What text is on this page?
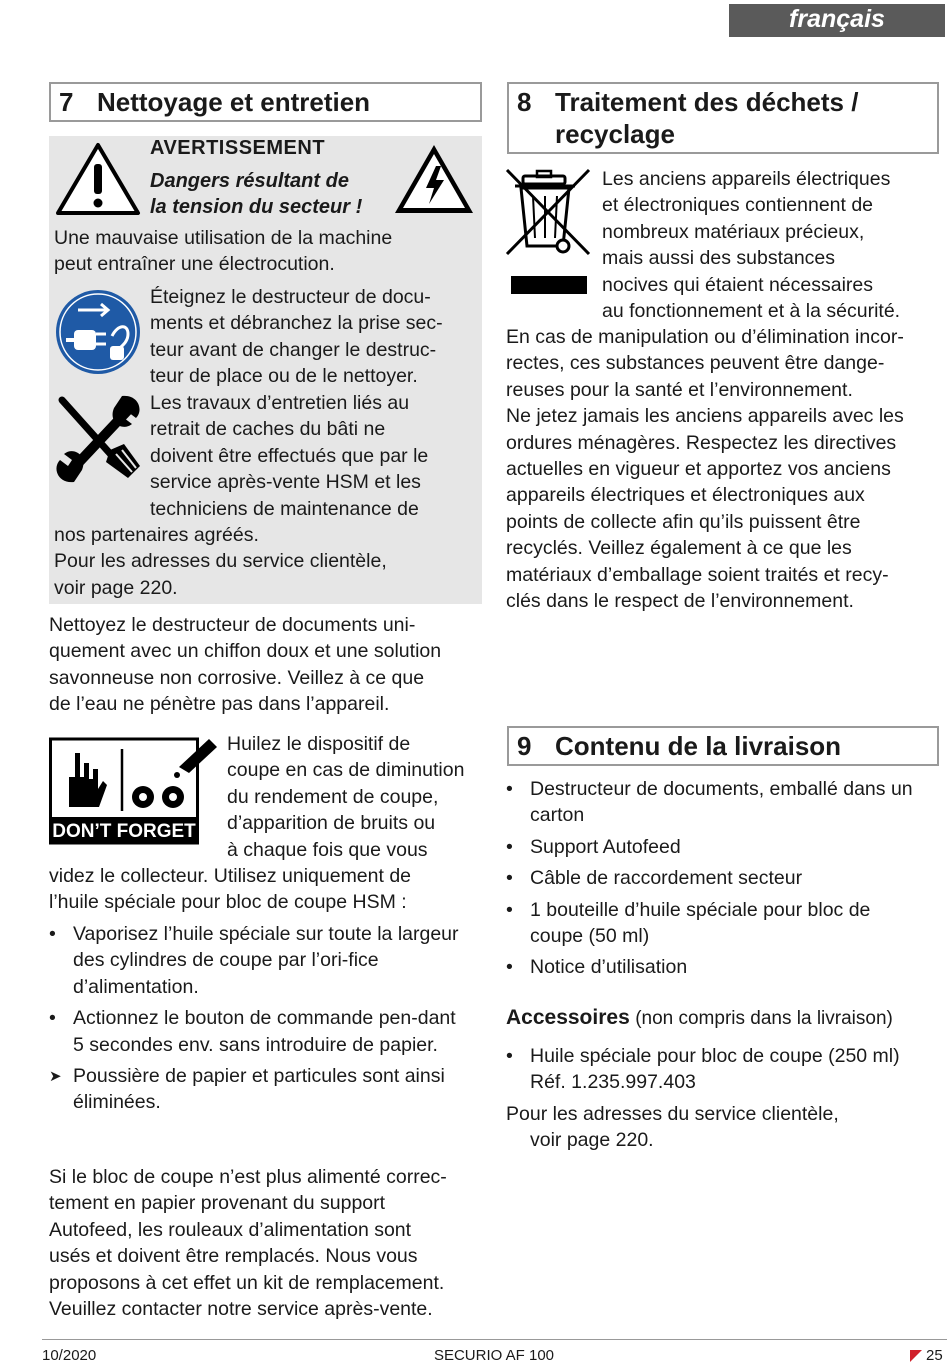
français
7 Nettoyage et entretien
AVERTISSEMENT
Dangers résultant de
la tension du secteur !
Une mauvaise utilisation de la machine
peut entraîner une électrocution.
Éteignez le destructeur de docu-
ments et débranchez la prise sec-
teur avant de changer le destruc-
teur de place ou de le nettoyer.
Les travaux d’entretien liés au
retrait de caches du bâti ne
doivent être effectués que par le
service après-vente HSM et les
techniciens de maintenance de
nos partenaires agréés.
Pour les adresses du service clientèle,
voir page 220.
Nettoyez le destructeur de documents uni-
quement avec un chiffon doux et une solution
savonneuse non corrosive. Veillez à ce que
de l’eau ne pénètre pas dans l’appareil.
DON’T FORGET
Huilez le dispositif de
coupe en cas de diminution
du rendement de coupe,
d’apparition de bruits ou
à chaque fois que vous
videz le collecteur. Utilisez uniquement de
l’huile spéciale pour bloc de coupe HSM :
• Vaporisez l’huile spéciale sur toute la largeur des cylindres de coupe par l’ori-fice d’alimentation.
• Actionnez le bouton de commande pen-dant 5 secondes env. sans introduire de papier.
➤ Poussière de papier et particules sont ainsi éliminées.
Si le bloc de coupe n’est plus alimenté correc-
tement en papier provenant du support
Autofeed, les rouleaux d’alimentation sont
usés et doivent être remplacés. Nous vous
proposons à cet effet un kit de remplacement.
Veuillez contacter notre service après-vente.
8 Traitement des déchets /
recyclage
Les anciens appareils électriques
et électroniques contiennent de
nombreux matériaux précieux,
mais aussi des substances
nocives qui étaient nécessaires
au fonctionnement et à la sécurité.
En cas de manipulation ou d’élimination incor-
rectes, ces substances peuvent être dange-
reuses pour la santé et l’environnement.
Ne jetez jamais les anciens appareils avec les
ordures ménagères. Respectez les directives
actuelles en vigueur et apportez vos anciens
appareils électriques et électroniques aux
points de collecte afin qu’ils puissent être
recyclés. Veillez également à ce que les
matériaux d’emballage soient traités et recy-
clés dans le respect de l’environnement.
9 Contenu de la livraison
• Destructeur de documents, emballé dans un carton
• Support Autofeed
• Câble de raccordement secteur
• 1 bouteille d’huile spéciale pour bloc de coupe (50 ml)
• Notice d’utilisation
Accessoires (non compris dans la livraison)
• Huile spéciale pour bloc de coupe (250 ml) Réf. 1.235.997.403
Pour les adresses du service clientèle,
voir page 220.
10/2020	SECURIO AF 100	25
